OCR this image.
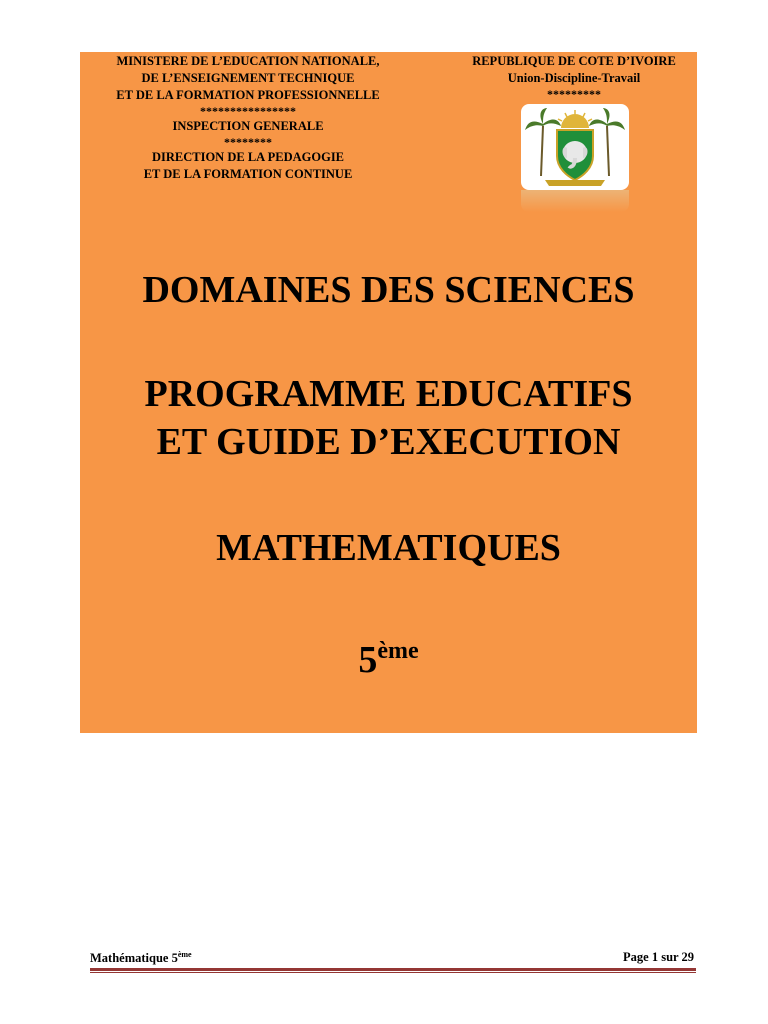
MINISTERE DE L’EDUCATION NATIONALE,
DE L’ENSEIGNEMENT TECHNIQUE
ET DE LA FORMATION PROFESSIONNELLE
****************
INSPECTION GENERALE
********
DIRECTION DE LA PEDAGOGIE
ET DE LA FORMATION CONTINUE
REPUBLIQUE DE COTE D’IVOIRE
Union-Discipline-Travail
*********
DOMAINES DES SCIENCES
PROGRAMME EDUCATIFS
ET GUIDE D’EXECUTION
MATHEMATIQUES
5ème
Mathématique 5ème	Page 1 sur 29
